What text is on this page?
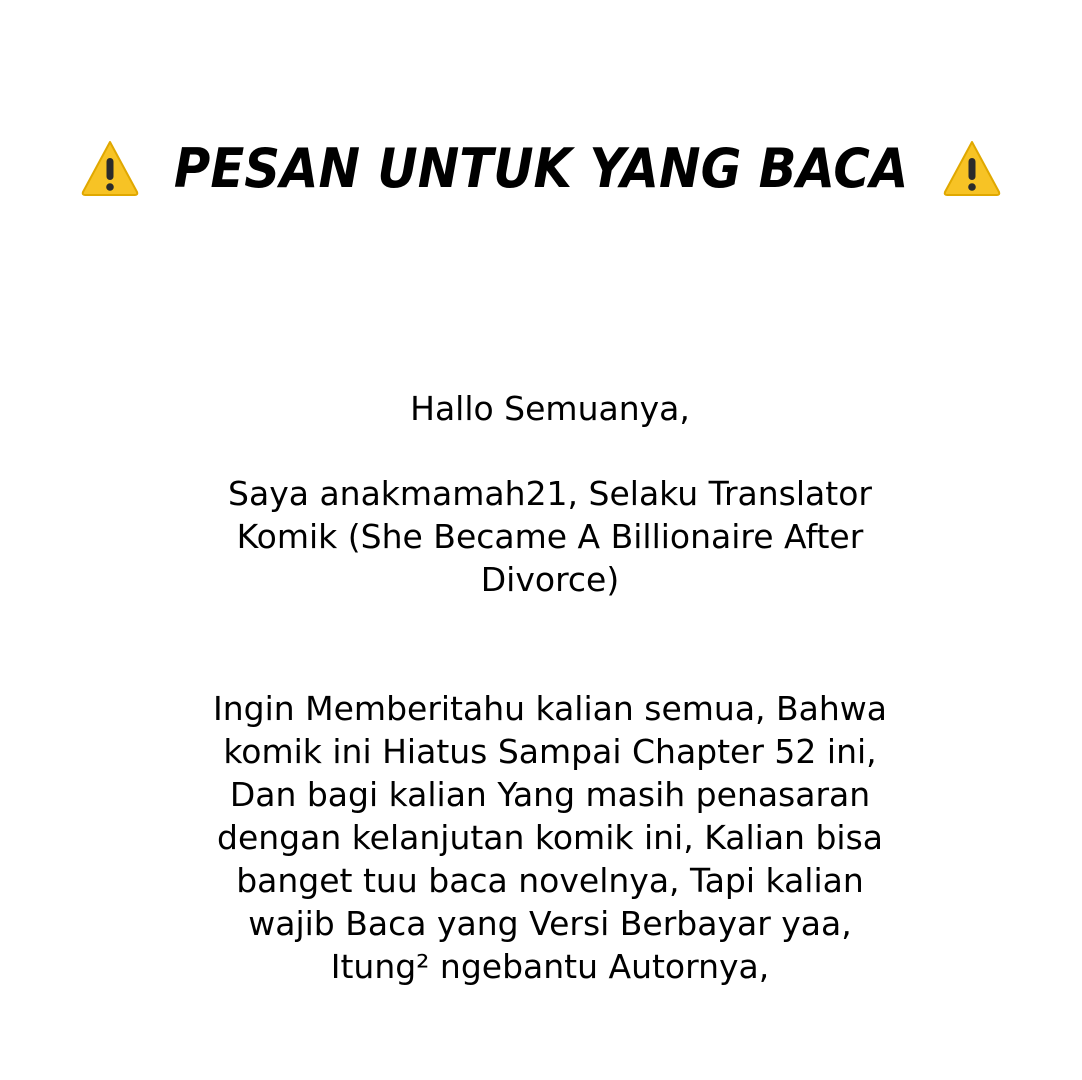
PESAN UNTUK YANG BACA
Hallo Semuanya,
Saya anakmamah21, Selaku Translator
Komik (She Became A Billionaire After
Divorce)
Ingin Memberitahu kalian semua, Bahwa
komik ini Hiatus Sampai Chapter 52 ini,
Dan bagi kalian Yang masih penasaran
dengan kelanjutan komik ini, Kalian bisa
banget tuu baca novelnya, Tapi kalian
wajib Baca yang Versi Berbayar yaa,
Itung² ngebantu Autornya,
